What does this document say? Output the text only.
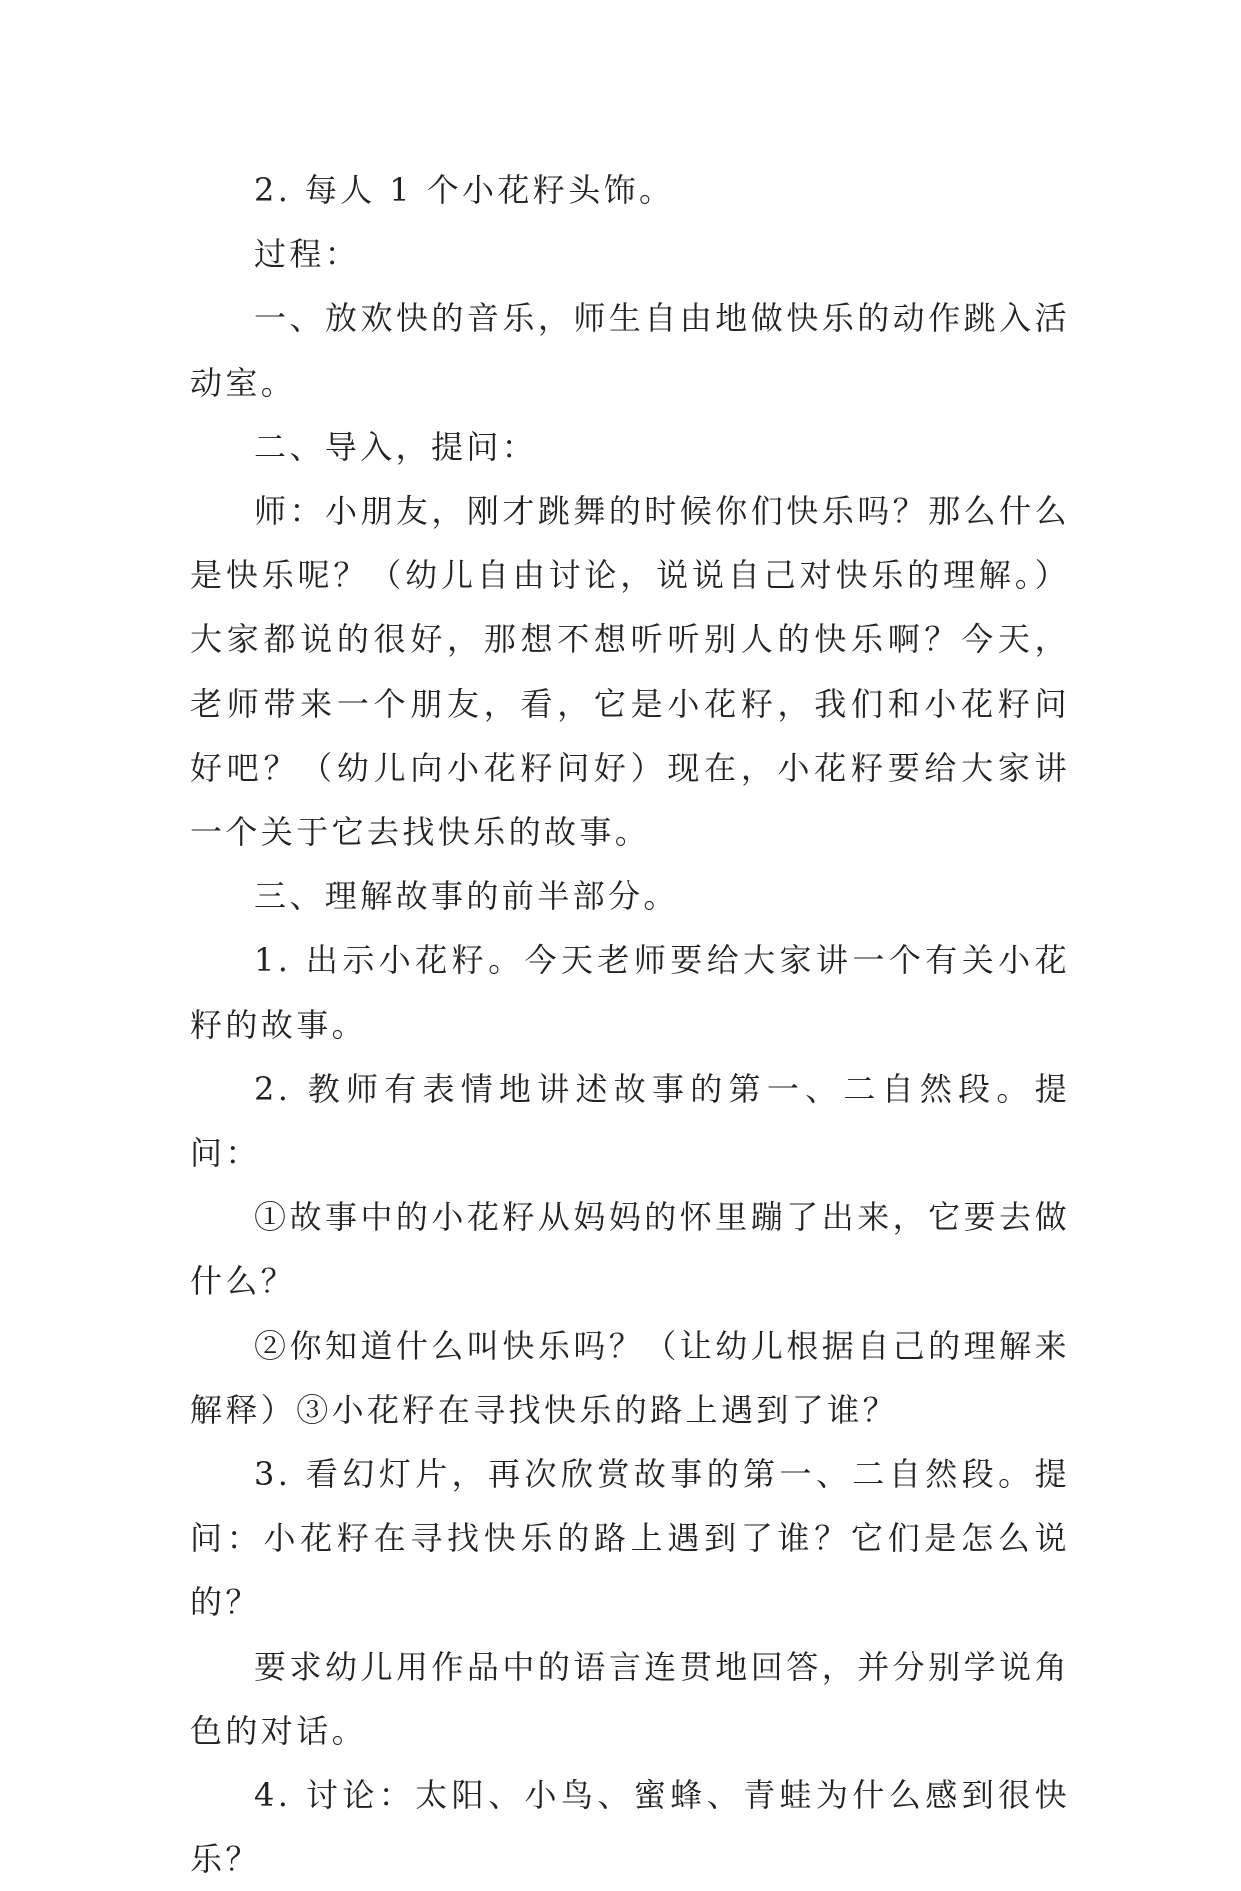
2. 每人 1 个小花籽头饰。

过程：

一、放欢快的音乐，师生自由地做快乐的动作跳入活动室。

二、导入，提问：

师：小朋友，刚才跳舞的时候你们快乐吗？那么什么是快乐呢？（幼儿自由讨论，说说自己对快乐的理解。）大家都说的很好，那想不想听听别人的快乐啊？今天，老师带来一个朋友，看，它是小花籽，我们和小花籽问好吧？（幼儿向小花籽问好）现在，小花籽要给大家讲一个关于它去找快乐的故事。

三、理解故事的前半部分。

1. 出示小花籽。今天老师要给大家讲一个有关小花籽的故事。

2. 教师有表情地讲述故事的第一、二自然段。提问：

①故事中的小花籽从妈妈的怀里蹦了出来，它要去做什么？

②你知道什么叫快乐吗？（让幼儿根据自己的理解来解释）③小花籽在寻找快乐的路上遇到了谁？

3. 看幻灯片，再次欣赏故事的第一、二自然段。提问：小花籽在寻找快乐的路上遇到了谁？它们是怎么说的？

要求幼儿用作品中的语言连贯地回答，并分别学说角色的对话。

4. 讨论：太阳、小鸟、蜜蜂、青蛙为什么感到很快乐？
